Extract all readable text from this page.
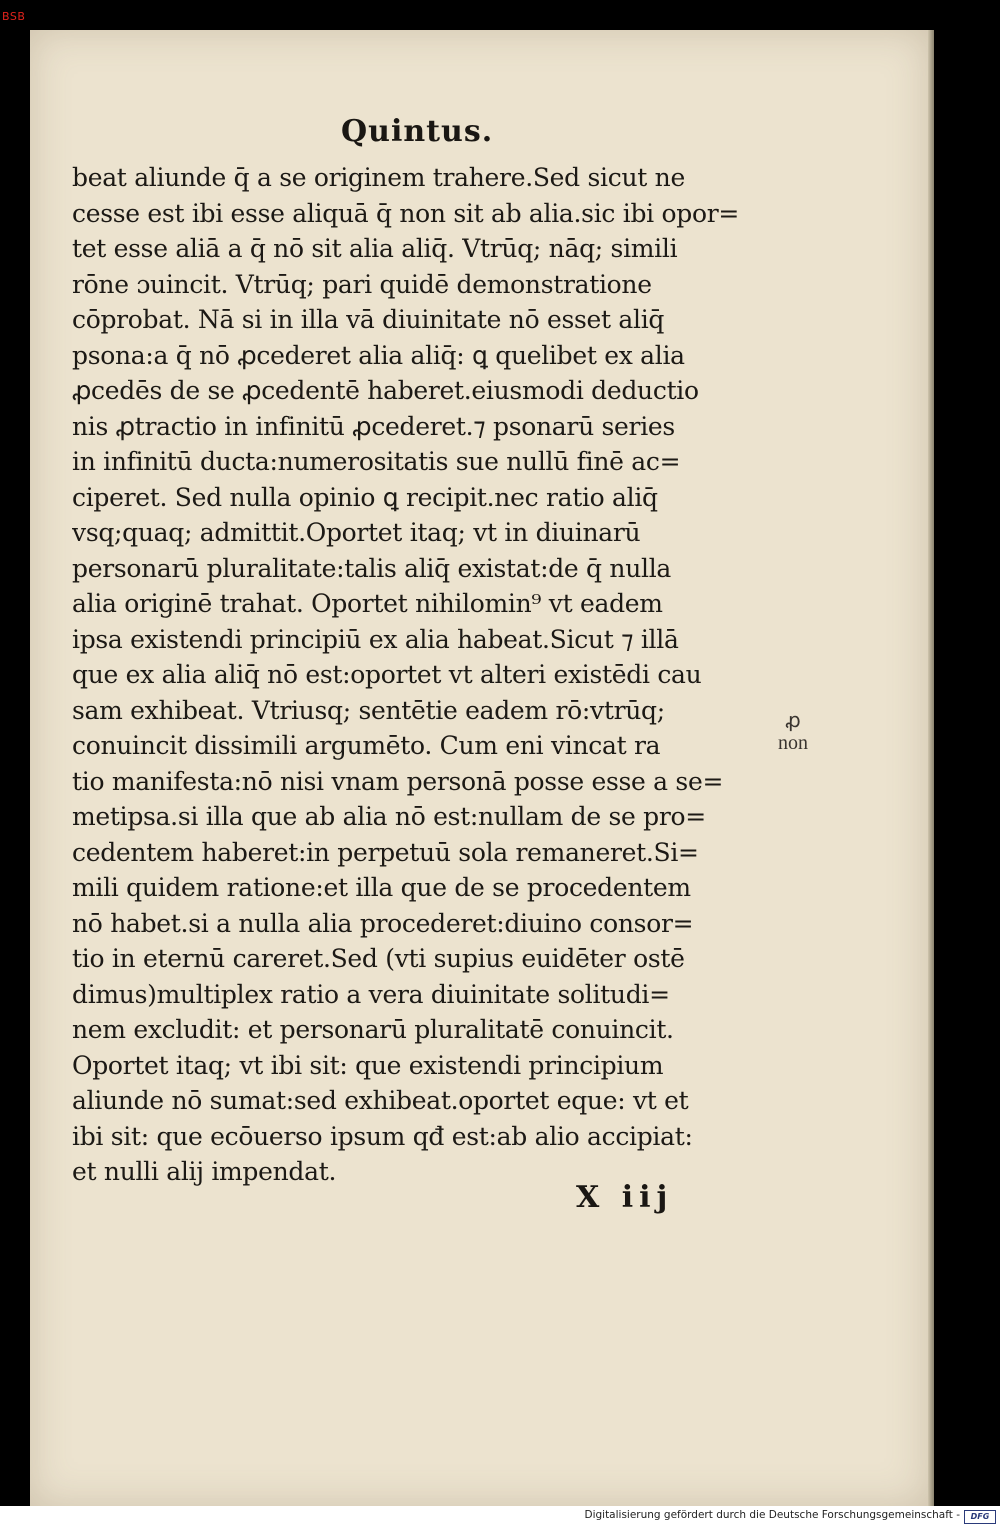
BSB
Quintus.
beat aliunde q̄ a se originem trahere.Sed sicut ne
cesse est ibi esse aliquā q̄ non sit ab alia.sic ibi opor=
tet esse aliā a q̄ nō sit alia aliq̄. Vtrūq; nāq; simili
rōne ɔuincit. Vtrūq; pari quidē demonstratione
cōprobat. Nā si in illa vā diuinitate nō esset aliq̄
psona:a q̄ nō ꝓcederet alia aliq̄: ꝗ quelibet ex alia
ꝓcedēs de se ꝓcedentē haberet.eiusmodi deductio
nis ꝓtractio in infinitū ꝓcederet.⁊ psonarū series
in infinitū ducta:numerositatis sue nullū finē ac=
ciperet. Sed nulla opinio ꝗ recipit.nec ratio aliq̄
vsq;quaq; admittit.Oportet itaq; vt in diuinarū
personarū pluralitate:talis aliq̄ existat:de q̄ nulla
alia originē trahat. Oportet nihilomin⁹ vt eadem
ipsa existendi principiū ex alia habeat.Sicut ⁊ illā
que ex alia aliq̄ nō est:oportet vt alteri existēdi cau
sam exhibeat. Vtriusq; sentētie eadem rō:vtrūq;
conuincit dissimili argumēto. Cum eni vincat ra
tio manifesta:nō nisi vnam personā posse esse a se=
metipsa.si illa que ab alia nō est:nullam de se pro=
cedentem haberet:in perpetuū sola remaneret.Si=
mili quidem ratione:et illa que de se procedentem
nō habet.si a nulla alia procederet:diuino consor=
tio in eternū careret.Sed (vti supius euidēter ostē
dimus)multiplex ratio a vera diuinitate solitudi=
nem excludit: et personarū pluralitatē conuincit.
Oportet itaq; vt ibi sit: que existendi principium
aliunde nō sumat:sed exhibeat.oportet eque: vt et
ibi sit: que ecōuerso ipsum qđ est:ab alio accipiat:
et nulli alij impendat.
ꝓ
non
X iij
Digitalisierung gefördert durch die Deutsche Forschungsgemeinschaft -	DFG
